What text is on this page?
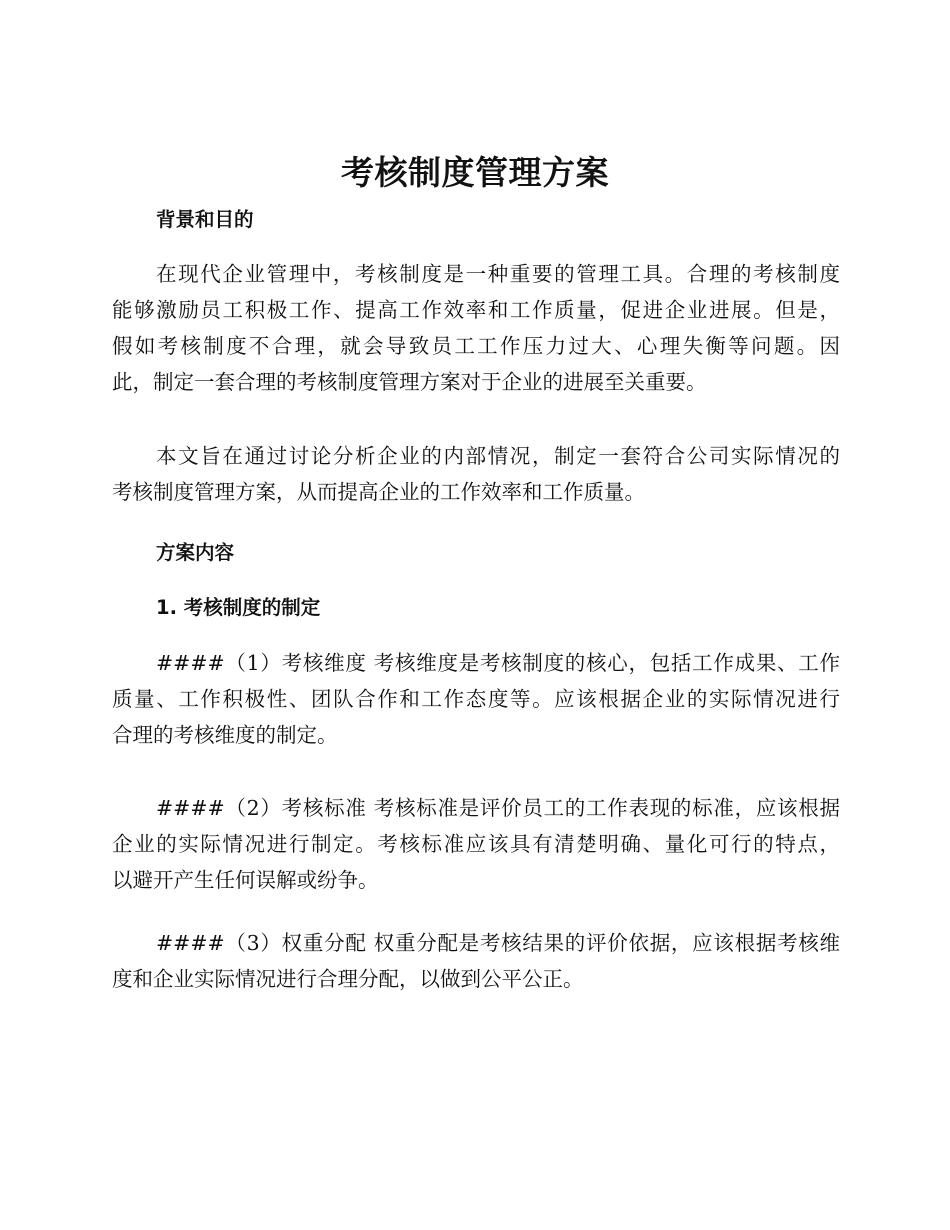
考核制度管理方案
背景和目的
在现代企业管理中，考核制度是一种重要的管理工具。合理的考核制度
能够激励员工积极工作、提高工作效率和工作质量，促进企业进展。但是，
假如考核制度不合理，就会导致员工工作压力过大、心理失衡等问题。因
此，制定一套合理的考核制度管理方案对于企业的进展至关重要。
本文旨在通过讨论分析企业的内部情况，制定一套符合公司实际情况的
考核制度管理方案，从而提高企业的工作效率和工作质量。
方案内容
1. 考核制度的制定
####（1）考核维度 考核维度是考核制度的核心，包括工作成果、工作
质量、工作积极性、团队合作和工作态度等。应该根据企业的实际情况进行
合理的考核维度的制定。
####（2）考核标准 考核标准是评价员工的工作表现的标准，应该根据
企业的实际情况进行制定。考核标准应该具有清楚明确、量化可行的特点，
以避开产生任何误解或纷争。
####（3）权重分配 权重分配是考核结果的评价依据，应该根据考核维
度和企业实际情况进行合理分配，以做到公平公正。
